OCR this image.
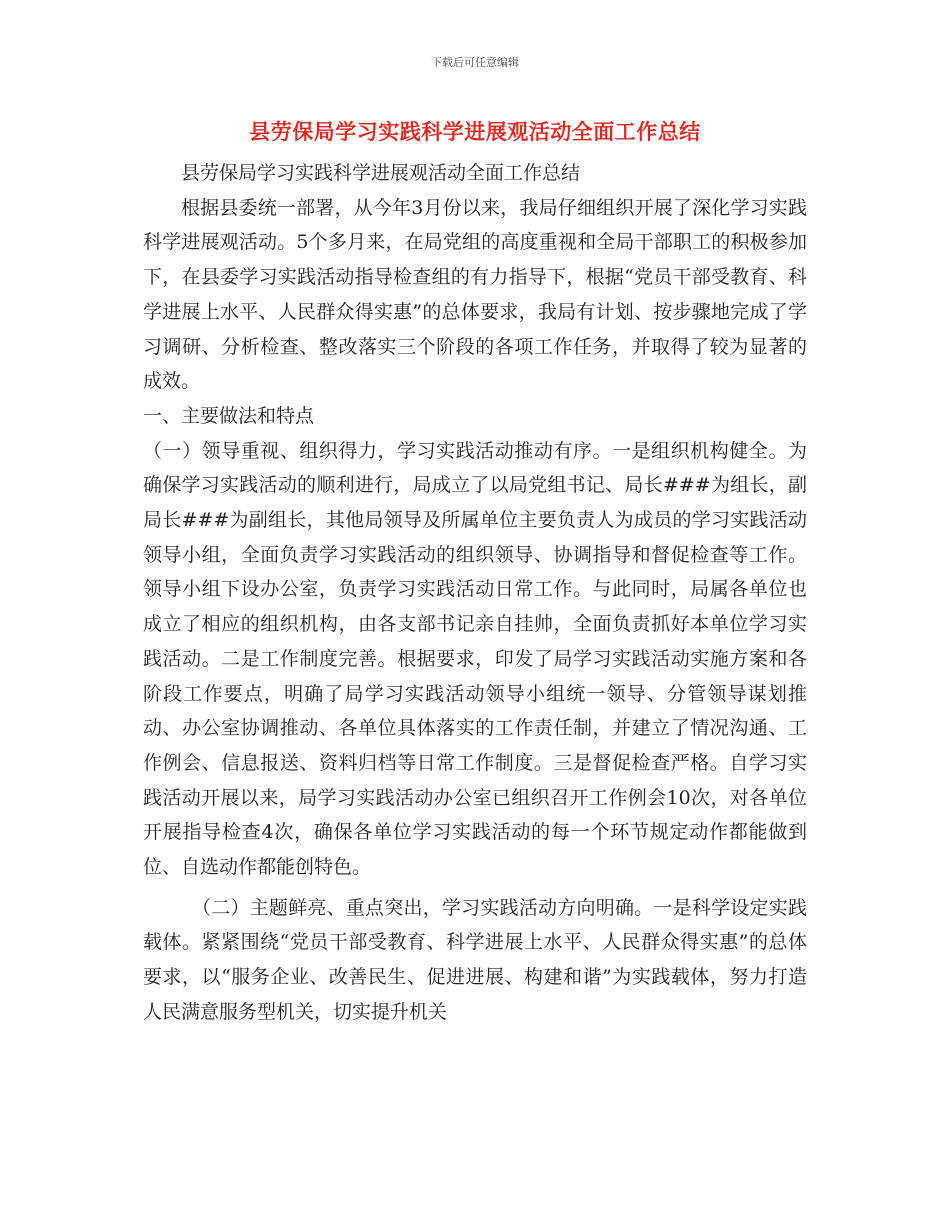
下载后可任意编辑
县劳保局学习实践科学进展观活动全面工作总结

县劳保局学习实践科学进展观活动全面工作总结

根据县委统一部署，从今年3月份以来，我局仔细组织开展了深化学习实践科学进展观活动。5个多月来，在局党组的高度重视和全局干部职工的积极参加下，在县委学习实践活动指导检查组的有力指导下，根据“党员干部受教育、科学进展上水平、人民群众得实惠”的总体要求，我局有计划、按步骤地完成了学习调研、分析检查、整改落实三个阶段的各项工作任务，并取得了较为显著的成效。

一、主要做法和特点

（一）领导重视、组织得力，学习实践活动推动有序。一是组织机构健全。为确保学习实践活动的顺利进行，局成立了以局党组书记、局长###为组长，副局长###为副组长，其他局领导及所属单位主要负责人为成员的学习实践活动领导小组，全面负责学习实践活动的组织领导、协调指导和督促检查等工作。领导小组下设办公室，负责学习实践活动日常工作。与此同时，局属各单位也成立了相应的组织机构，由各支部书记亲自挂帅，全面负责抓好本单位学习实践活动。二是工作制度完善。根据要求，印发了局学习实践活动实施方案和各阶段工作要点，明确了局学习实践活动领导小组统一领导、分管领导谋划推动、办公室协调推动、各单位具体落实的工作责任制，并建立了情况沟通、工作例会、信息报送、资料归档等日常工作制度。三是督促检查严格。自学习实践活动开展以来，局学习实践活动办公室已组织召开工作例会10次，对各单位开展指导检查4次，确保各单位学习实践活动的每一个环节规定动作都能做到位、自选动作都能创特色。

（二）主题鲜亮、重点突出，学习实践活动方向明确。一是科学设定实践载体。紧紧围绕“党员干部受教育、科学进展上水平、人民群众得实惠”的总体要求，以“服务企业、改善民生、促进进展、构建和谐”为实践载体，努力打造人民满意服务型机关，切实提升机关
